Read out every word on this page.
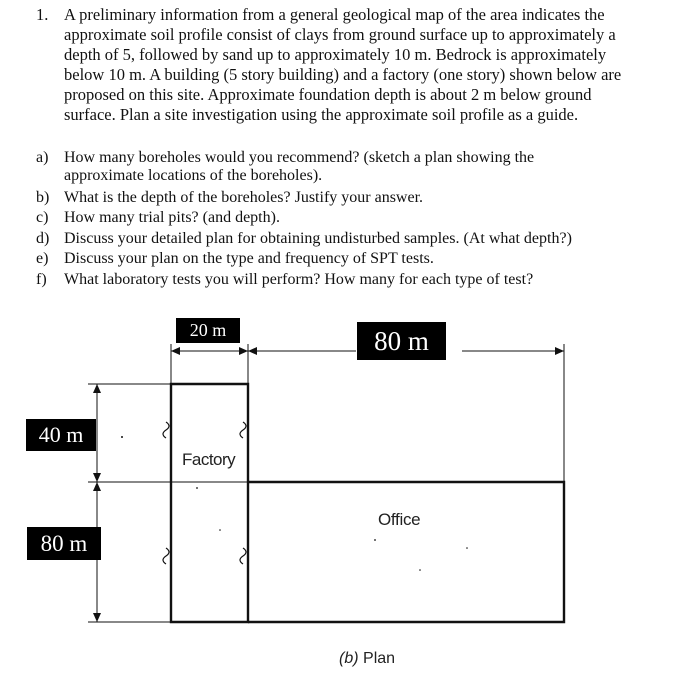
1. A preliminary information from a general geological map of the area indicates the
approximate soil profile consist of clays from ground surface up to approximately a
depth of 5, followed by sand up to approximately 10 m. Bedrock is approximately
below 10 m. A building (5 story building) and a factory (one story) shown below are
proposed on this site. Approximate foundation depth is about 2 m below ground
surface. Plan a site investigation using the approximate soil profile as a guide.
a) How many boreholes would you recommend? (sketch a plan showing the
approximate locations of the boreholes).
b) What is the depth of the boreholes? Justify your answer.
c) How many trial pits? (and depth).
d) Discuss your detailed plan for obtaining undisturbed samples. (At what depth?)
e) Discuss your plan on the type and frequency of SPT tests.
f) What laboratory tests you will perform? How many for each type of test?
20 m	80 m
40 m
80 m
Factory
Office
(b) Plan
